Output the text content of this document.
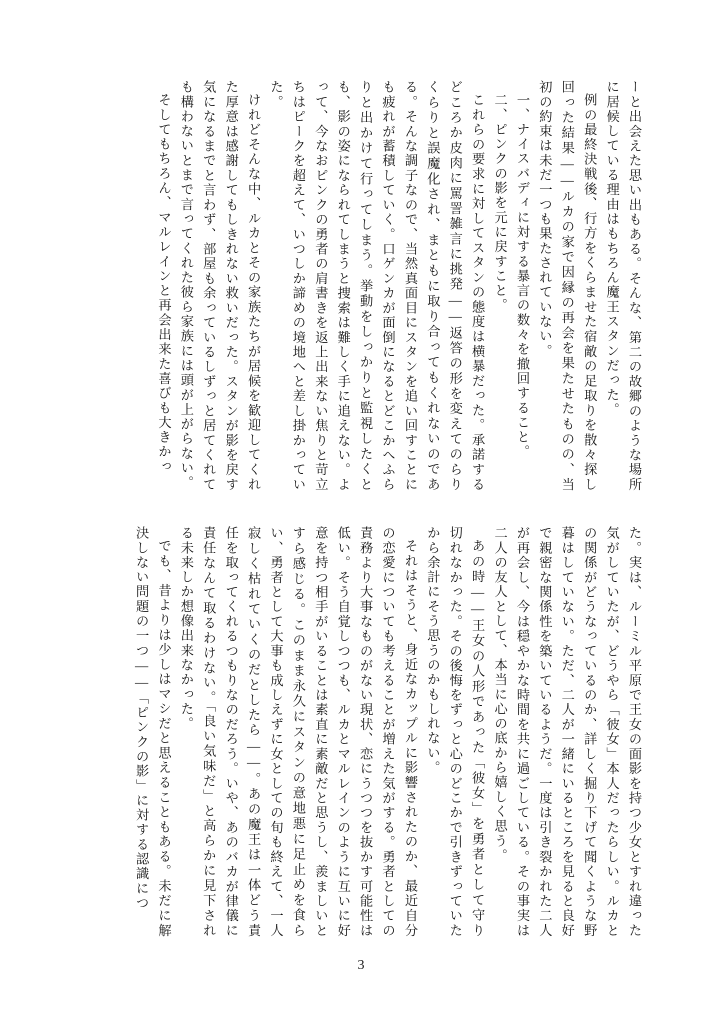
ーと出会えた思い出もある。そんな、第二の故郷のような場所に居候している理由はもちろん魔王スタンだった。

例の最終決戦後、行方をくらませた宿敵の足取りを散々探し回った結果——ルカの家で因縁の再会を果たせたものの、当初の約束は未だ一つも果たされていない。

一、ナイスバディに対する暴言の数々を撤回すること。

二、ピンクの影を元に戻すこと。

これらの要求に対してスタンの態度は横暴だった。承諾するどころか皮肉に罵詈雑言に挑発——返答の形を変えてのらりくらりと誤魔化され、まともに取り合ってもくれないのである。そんな調子なので、当然真面目にスタンを追い回すことにも疲れが蓄積していく。口ゲンカが面倒になるとどこかへふらりと出かけて行ってしまう。挙動をしっかりと監視したくとも、影の姿になられてしまうと捜索は難しく手に追えない。よって、今なおピンクの勇者の肩書きを返上出来ない焦りと苛立ちはピークを超えて、いつしか諦めの境地へと差し掛かっていた。

けれどそんな中、ルカとその家族たちが居候を歓迎してくれた厚意は感謝してもしきれない救いだった。スタンが影を戻す気になるまでと言わず、部屋も余っているしずっと居てくれても構わないとまで言ってくれた彼ら家族には頭が上がらない。

そしてもちろん、マルレインと再会出来た喜びも大きかっ

た。実は、ルーミル平原で王女の面影を持つ少女とすれ違った気がしていたが、どうやら「彼女」本人だったらしい。ルカとの関係がどうなっているのか、詳しく掘り下げて聞くような野暮はしていない。ただ、二人が一緒にいるところを見ると良好で親密な関係性を築いているようだ。一度は引き裂かれた二人が再会し、今は穏やかな時間を共に過ごしている。その事実は二人の友人として、本当に心の底から嬉しく思う。

あの時——王女の人形であった「彼女」を勇者として守り切れなかった。その後悔をずっと心のどこかで引きずっていたから余計にそう思うのかもしれない。

それはそうと、身近なカップルに影響されたのか、最近自分の恋愛についても考えることが増えた気がする。勇者としての責務より大事なものがない現状、恋にうつつを抜かす可能性は低い。そう自覚しつつも、ルカとマルレインのように互いに好意を持つ相手がいることは素直に素敵だと思うし、羨ましいとすら感じる。このまま永久にスタンの意地悪に足止めを食らい、勇者として大事も成しえずに女としての旬も終えて、一人寂しく枯れていくのだとしたら——。あの魔王は一体どう責任を取ってくれるつもりなのだろう。いや、あのバカが律儀に責任なんて取るわけない。「良い気味だ」と高らかに見下される未来しか想像出来なかった。

でも、昔よりは少しはマシだと思えることもある。未だに解決しない問題の一つ——「ピンクの影」に対する認識につ

3
